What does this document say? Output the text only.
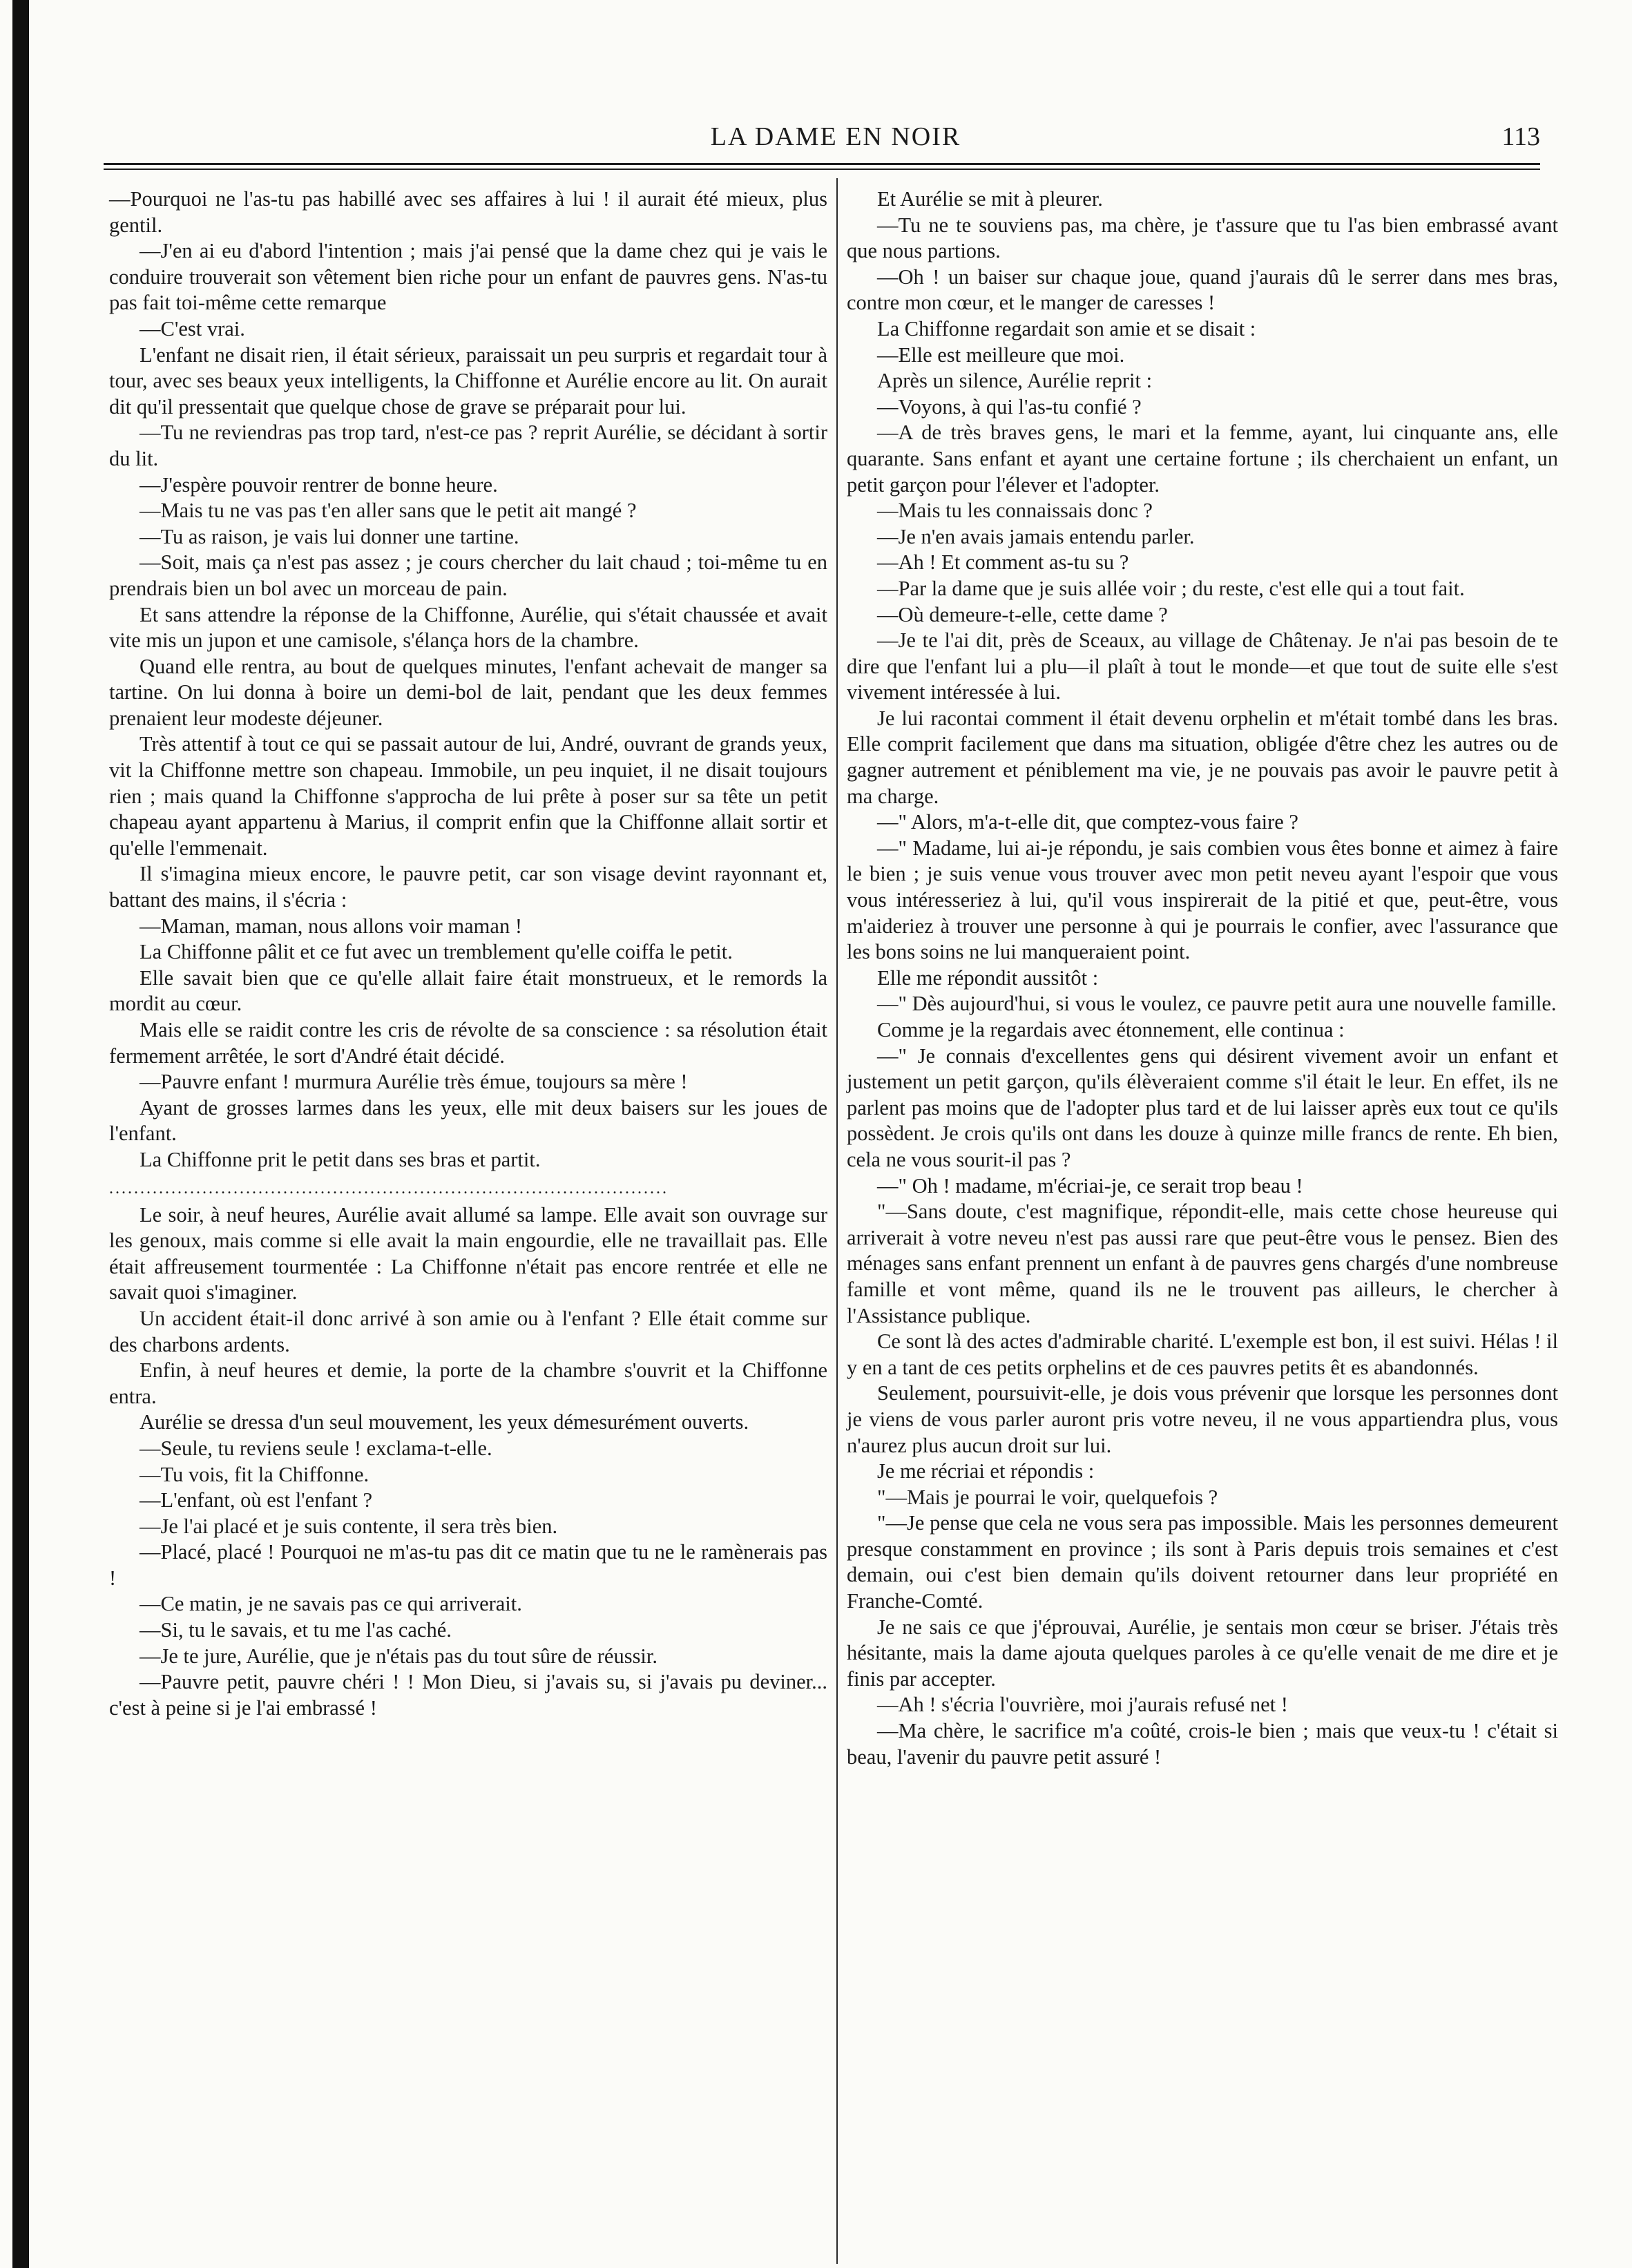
LA DAME EN NOIR	113

—Pourquoi ne l'as-tu pas habillé avec ses affaires à lui ! il aurait été mieux, plus gentil.

—J'en ai eu d'abord l'intention ; mais j'ai pensé que la dame chez qui je vais le conduire trouverait son vêtement bien riche pour un enfant de pauvres gens. N'as-tu pas fait toi-même cette remarque

—C'est vrai.

L'enfant ne disait rien, il était sérieux, paraissait un peu surpris et regardait tour à tour, avec ses beaux yeux intelligents, la Chiffonne et Aurélie encore au lit. On aurait dit qu'il pressentait que quelque chose de grave se préparait pour lui.

—Tu ne reviendras pas trop tard, n'est-ce pas ? reprit Aurélie, se décidant à sortir du lit.

—J'espère pouvoir rentrer de bonne heure.

—Mais tu ne vas pas t'en aller sans que le petit ait mangé ?

—Tu as raison, je vais lui donner une tartine.

—Soit, mais ça n'est pas assez ; je cours chercher du lait chaud ; toi-même tu en prendrais bien un bol avec un morceau de pain.

Et sans attendre la réponse de la Chiffonne, Aurélie, qui s'était chaussée et avait vite mis un jupon et une camisole, s'élança hors de la chambre.

Quand elle rentra, au bout de quelques minutes, l'enfant achevait de manger sa tartine. On lui donna à boire un demi-bol de lait, pendant que les deux femmes prenaient leur modeste déjeuner.

Très attentif à tout ce qui se passait autour de lui, André, ouvrant de grands yeux, vit la Chiffonne mettre son chapeau. Immobile, un peu inquiet, il ne disait toujours rien ; mais quand la Chiffonne s'approcha de lui prête à poser sur sa tête un petit chapeau ayant appartenu à Marius, il comprit enfin que la Chiffonne allait sortir et qu'elle l'emmenait.

Il s'imagina mieux encore, le pauvre petit, car son visage devint rayonnant et, battant des mains, il s'écria :

—Maman, maman, nous allons voir maman !

La Chiffonne pâlit et ce fut avec un tremblement qu'elle coiffa le petit.

Elle savait bien que ce qu'elle allait faire était monstrueux, et le remords la mordit au cœur.

Mais elle se raidit contre les cris de révolte de sa conscience : sa résolution était fermement arrêtée, le sort d'André était décidé.

—Pauvre enfant ! murmura Aurélie très émue, toujours sa mère !

Ayant de grosses larmes dans les yeux, elle mit deux baisers sur les joues de l'enfant.

La Chiffonne prit le petit dans ses bras et partit.

..........................................................................................

Le soir, à neuf heures, Aurélie avait allumé sa lampe. Elle avait son ouvrage sur les genoux, mais comme si elle avait la main engourdie, elle ne travaillait pas. Elle était affreusement tourmentée : La Chiffonne n'était pas encore rentrée et elle ne savait quoi s'imaginer.

Un accident était-il donc arrivé à son amie ou à l'enfant ? Elle était comme sur des charbons ardents.

Enfin, à neuf heures et demie, la porte de la chambre s'ouvrit et la Chiffonne entra.

Aurélie se dressa d'un seul mouvement, les yeux démesurément ouverts.

—Seule, tu reviens seule ! exclama-t-elle.

—Tu vois, fit la Chiffonne.

—L'enfant, où est l'enfant ?

—Je l'ai placé et je suis contente, il sera très bien.

—Placé, placé ! Pourquoi ne m'as-tu pas dit ce matin que tu ne le ramènerais pas !

—Ce matin, je ne savais pas ce qui arriverait.

—Si, tu le savais, et tu me l'as caché.

—Je te jure, Aurélie, que je n'étais pas du tout sûre de réussir.

—Pauvre petit, pauvre chéri ! ! Mon Dieu, si j'avais su, si j'avais pu deviner... c'est à peine si je l'ai embrassé !

Et Aurélie se mit à pleurer.

—Tu ne te souviens pas, ma chère, je t'assure que tu l'as bien embrassé avant que nous partions.

—Oh ! un baiser sur chaque joue, quand j'aurais dû le serrer dans mes bras, contre mon cœur, et le manger de caresses !

La Chiffonne regardait son amie et se disait :

—Elle est meilleure que moi.

Après un silence, Aurélie reprit :

—Voyons, à qui l'as-tu confié ?

—A de très braves gens, le mari et la femme, ayant, lui cinquante ans, elle quarante. Sans enfant et ayant une certaine fortune ; ils cherchaient un enfant, un petit garçon pour l'élever et l'adopter.

—Mais tu les connaissais donc ?

—Je n'en avais jamais entendu parler.

—Ah ! Et comment as-tu su ?

—Par la dame que je suis allée voir ; du reste, c'est elle qui a tout fait.

—Où demeure-t-elle, cette dame ?

—Je te l'ai dit, près de Sceaux, au village de Châtenay. Je n'ai pas besoin de te dire que l'enfant lui a plu—il plaît à tout le monde—et que tout de suite elle s'est vivement intéressée à lui.

Je lui racontai comment il était devenu orphelin et m'était tombé dans les bras. Elle comprit facilement que dans ma situation, obligée d'être chez les autres ou de gagner autrement et péniblement ma vie, je ne pouvais pas avoir le pauvre petit à ma charge.

—" Alors, m'a-t-elle dit, que comptez-vous faire ?

—" Madame, lui ai-je répondu, je sais combien vous êtes bonne et aimez à faire le bien ; je suis venue vous trouver avec mon petit neveu ayant l'espoir que vous vous intéresseriez à lui, qu'il vous inspirerait de la pitié et que, peut-être, vous m'aideriez à trouver une personne à qui je pourrais le confier, avec l'assurance que les bons soins ne lui manqueraient point.

Elle me répondit aussitôt :

—" Dès aujourd'hui, si vous le voulez, ce pauvre petit aura une nouvelle famille.

Comme je la regardais avec étonnement, elle continua :

—" Je connais d'excellentes gens qui désirent vivement avoir un enfant et justement un petit garçon, qu'ils élèveraient comme s'il était le leur. En effet, ils ne parlent pas moins que de l'adopter plus tard et de lui laisser après eux tout ce qu'ils possèdent. Je crois qu'ils ont dans les douze à quinze mille francs de rente. Eh bien, cela ne vous sourit-il pas ?

—" Oh ! madame, m'écriai-je, ce serait trop beau !

"—Sans doute, c'est magnifique, répondit-elle, mais cette chose heureuse qui arriverait à votre neveu n'est pas aussi rare que peut-être vous le pensez. Bien des ménages sans enfant prennent un enfant à de pauvres gens chargés d'une nombreuse famille et vont même, quand ils ne le trouvent pas ailleurs, le chercher à l'Assistance publique.

Ce sont là des actes d'admirable charité. L'exemple est bon, il est suivi. Hélas ! il y en a tant de ces petits orphelins et de ces pauvres petits êt es abandonnés.

Seulement, poursuivit-elle, je dois vous prévenir que lorsque les personnes dont je viens de vous parler auront pris votre neveu, il ne vous appartiendra plus, vous n'aurez plus aucun droit sur lui.

Je me récriai et répondis :

"—Mais je pourrai le voir, quelquefois ?

"—Je pense que cela ne vous sera pas impossible. Mais les personnes demeurent presque constamment en province ; ils sont à Paris depuis trois semaines et c'est demain, oui c'est bien demain qu'ils doivent retourner dans leur propriété en Franche-Comté.

Je ne sais ce que j'éprouvai, Aurélie, je sentais mon cœur se briser. J'étais très hésitante, mais la dame ajouta quelques paroles à ce qu'elle venait de me dire et je finis par accepter.

—Ah ! s'écria l'ouvrière, moi j'aurais refusé net !

—Ma chère, le sacrifice m'a coûté, crois-le bien ; mais que veux-tu ! c'était si beau, l'avenir du pauvre petit assuré !
